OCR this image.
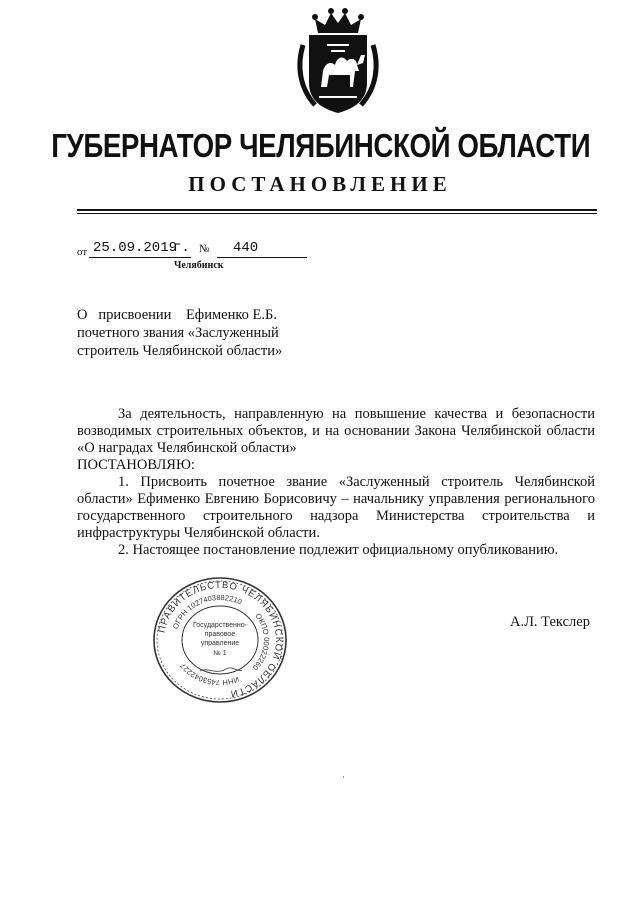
ГУБЕРНАТОР ЧЕЛЯБИНСКОЙ ОБЛАСТИ
ПОСТАНОВЛЕНИЕ
от 25.09.2019
г. № 440
Челябинск
О   присвоении    Ефименко Е.Б.
почетного звания «Заслуженный
строитель Челябинской области»
За деятельность, направленную на повышение качества и безопасности возводимых строительных объектов, и на основании Закона Челябинской области «О наградах Челябинской области»
ПОСТАНОВЛЯЮ:
1. Присвоить почетное звание «Заслуженный строитель Челябинской области» Ефименко Евгению Борисовичу – начальнику управления регионального государственного строительного надзора Министерства строительства и инфраструктуры Челябинской области.
2. Настоящее постановление подлежит официальному опубликованию.
ПРАВИТЕЛЬСТВО ЧЕЛЯБИНСКОЙ ОБЛАСТИ
ОГРН 1027403882210
ОКПО 00022260
ИНН 7453042227
Государственно-
правовое
управление
№ 1
А.Л. Текслер
